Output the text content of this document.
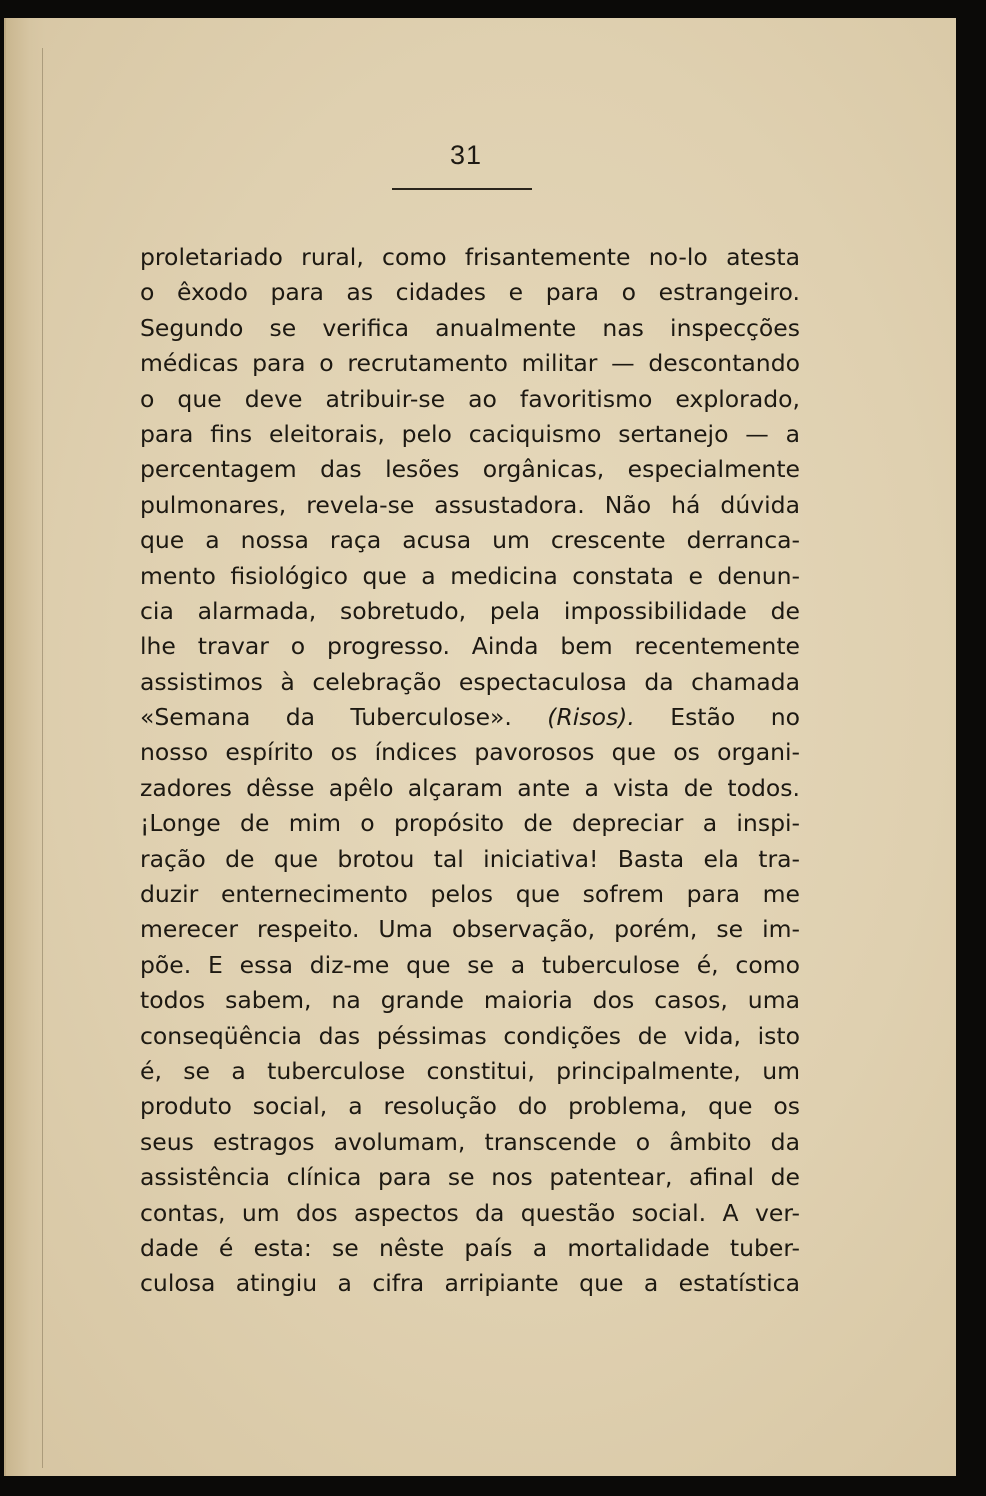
31
proletariado rural, como frisantemente no-lo atesta
o êxodo para as cidades e para o estrangeiro.
Segundo se verifica anualmente nas inspecções
médicas para o recrutamento militar — descontando
o que deve atribuir-se ao favoritismo explorado,
para fins eleitorais, pelo caciquismo sertanejo — a
percentagem das lesões orgânicas, especialmente
pulmonares, revela-se assustadora. Não há dúvida
que a nossa raça acusa um crescente derranca-
mento fisiológico que a medicina constata e denun-
cia alarmada, sobretudo, pela impossibilidade de
lhe travar o progresso. Ainda bem recentemente
assistimos à celebração espectaculosa da chamada
«Semana da Tuberculose». (Risos). Estão no
nosso espírito os índices pavorosos que os organi-
zadores dêsse apêlo alçaram ante a vista de todos.
¡Longe de mim o propósito de depreciar a inspi-
ração de que brotou tal iniciativa! Basta ela tra-
duzir enternecimento pelos que sofrem para me
merecer respeito. Uma observação, porém, se im-
põe. E essa diz-me que se a tuberculose é, como
todos sabem, na grande maioria dos casos, uma
conseqüência das péssimas condições de vida, isto
é, se a tuberculose constitui, principalmente, um
produto social, a resolução do problema, que os
seus estragos avolumam, transcende o âmbito da
assistência clínica para se nos patentear, afinal de
contas, um dos aspectos da questão social. A ver-
dade é esta: se nêste país a mortalidade tuber-
culosa atingiu a cifra arripiante que a estatística
